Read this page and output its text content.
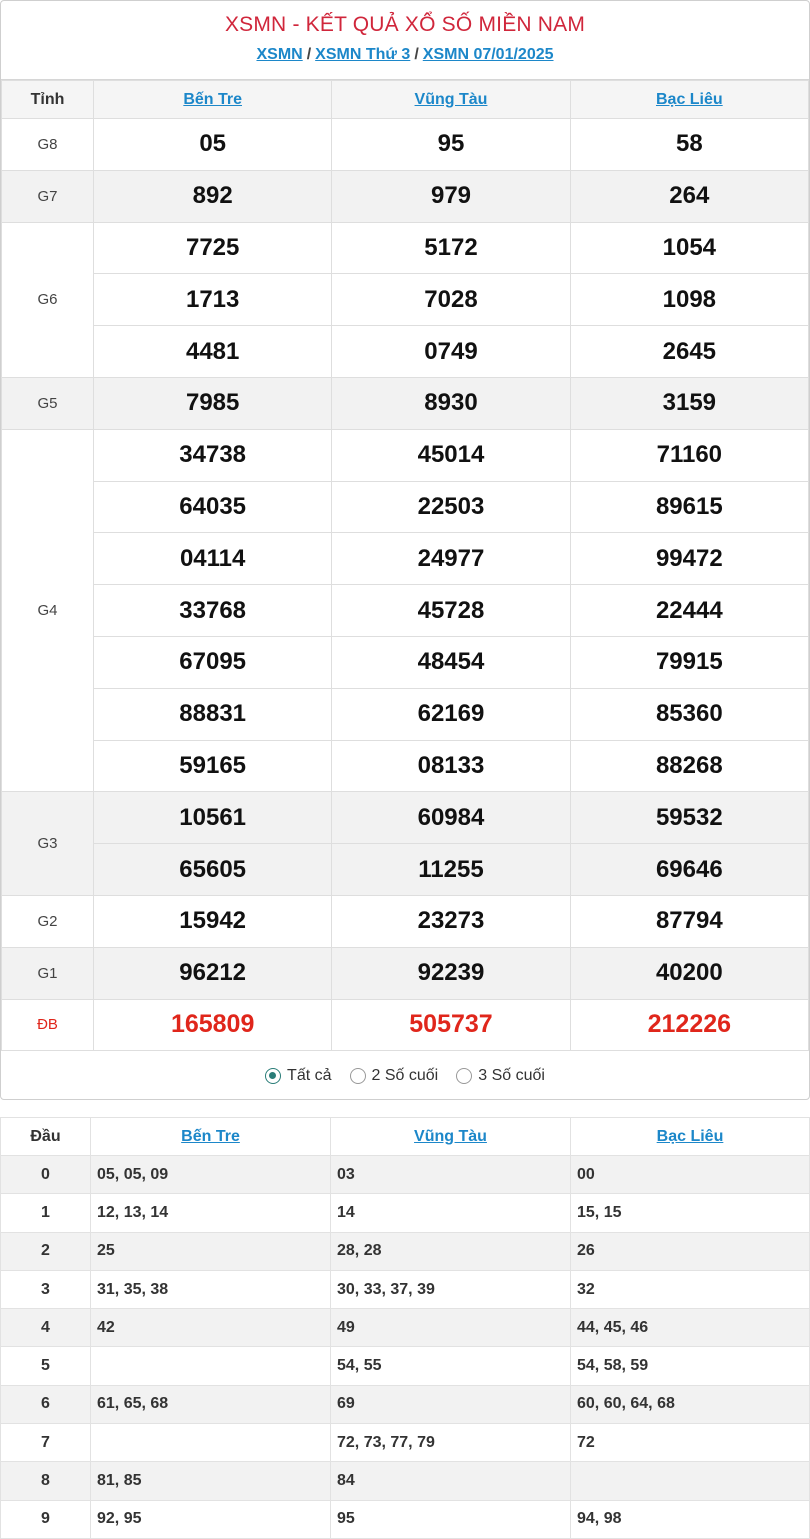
XSMN - KẾT QUẢ XỔ SỐ MIỀN NAM
XSMN / XSMN Thứ 3 / XSMN 07/01/2025
Tỉnh	Bến Tre	Vũng Tàu	Bạc Liêu
G8	05	95	58
G7	892	979	264
G6	7725	5172	1054
	1713	7028	1098
	4481	0749	2645
G5	7985	8930	3159
G4	34738	45014	71160
	64035	22503	89615
	04114	24977	99472
	33768	45728	22444
	67095	48454	79915
	88831	62169	85360
	59165	08133	88268
G3	10561	60984	59532
	65605	11255	69646
G2	15942	23273	87794
G1	96212	92239	40200
ĐB	165809	505737	212226
Tất cả	2 Số cuối	3 Số cuối
Đầu	Bến Tre	Vũng Tàu	Bạc Liêu
0	05, 05, 09	03	00
1	12, 13, 14	14	15, 15
2	25	28, 28	26
3	31, 35, 38	30, 33, 37, 39	32
4	42	49	44, 45, 46
5		54, 55	54, 58, 59
6	61, 65, 68	69	60, 60, 64, 68
7		72, 73, 77, 79	72
8	81, 85	84	
9	92, 95	95	94, 98
